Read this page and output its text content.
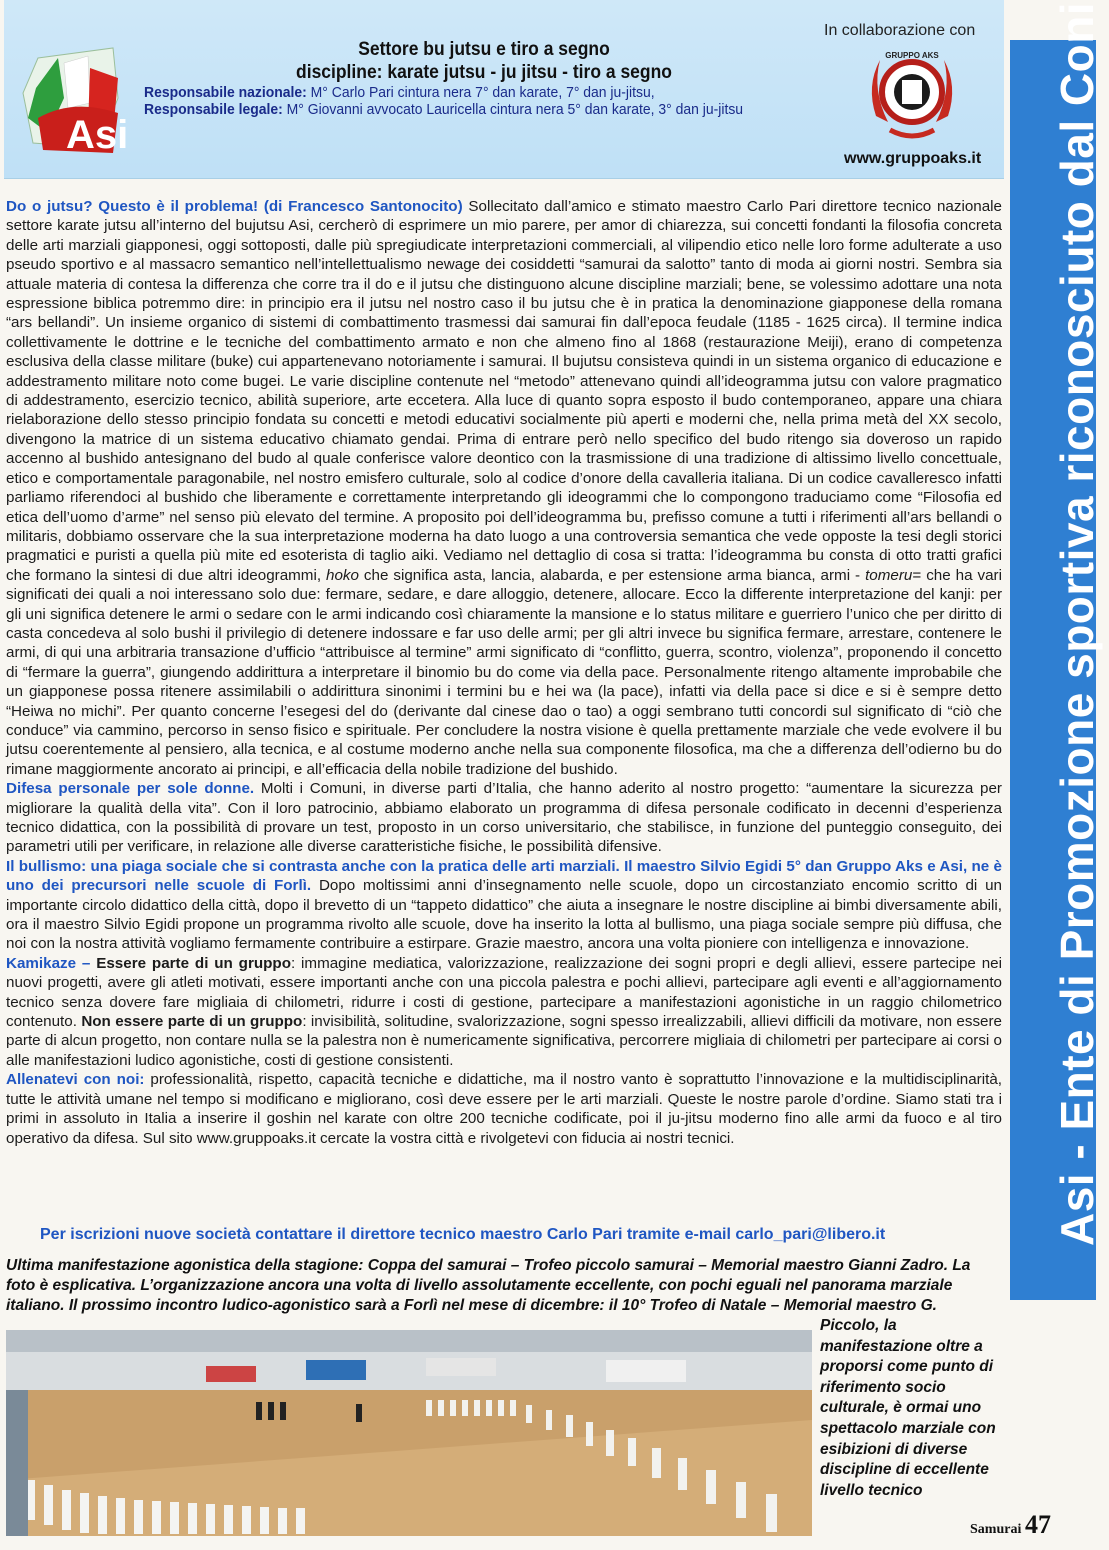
Asi
Settore bu jutsu e tiro a segno
discipline: karate jutsu - ju jitsu - tiro a segno
Responsabile nazionale: M° Carlo Pari cintura nera 7° dan karate, 7° dan ju-jitsu,
Responsabile legale: M° Giovanni avvocato Lauricella cintura nera 5° dan karate, 3° dan ju-jitsu
In collaborazione con
GRUPPO AKS
www.gruppoaks.it Asi - Ente di Promozione sportiva riconosciuto dal Coni

Do o jutsu? Questo è il problema! (di Francesco Santonocito) Sollecitato dall’amico e stimato maestro Carlo Pari direttore tecnico nazionale settore karate jutsu all’interno del bujutsu Asi, cercherò di esprimere un mio parere, per amor di chiarezza, sui concetti fondanti la filosofia concreta delle arti marziali giapponesi, oggi sottoposti, dalle più spregiudicate interpretazioni commerciali, al vilipendio etico nelle loro forme adulterate a uso pseudo sportivo e al massacro semantico nell’intellettualismo newage dei cosiddetti “samurai da salotto” tanto di moda ai giorni nostri. Sembra sia attuale materia di contesa la differenza che corre tra il do e il jutsu che distinguono alcune discipline marziali; bene, se volessimo adottare una nota espressione biblica potremmo dire: in principio era il jutsu nel nostro caso il bu jutsu che è in pratica la denominazione giapponese della romana “ars bellandi”. Un insieme organico di sistemi di combattimento trasmessi dai samurai fin dall’epoca feudale (1185 - 1625 circa). Il termine indica collettivamente le dottrine e le tecniche del combattimento armato e non che almeno fino al 1868 (restaurazione Meiji), erano di competenza esclusiva della classe militare (buke) cui appartenevano notoriamente i samurai. Il bujutsu consisteva quindi in un sistema organico di educazione e addestramento militare noto come bugei. Le varie discipline contenute nel “metodo” attenevano quindi all’ideogramma jutsu con valore pragmatico di addestramento, esercizio tecnico, abilità superiore, arte eccetera. Alla luce di quanto sopra esposto il budo contemporaneo, appare una chiara rielaborazione dello stesso principio fondata su concetti e metodi educativi socialmente più aperti e moderni che, nella prima metà del XX secolo, divengono la matrice di un sistema educativo chiamato gendai. Prima di entrare però nello specifico del budo ritengo sia doveroso un rapido accenno al bushido antesignano del budo al quale conferisce valore deontico con la trasmissione di una tradizione di altissimo livello concettuale, etico e comportamentale paragonabile, nel nostro emisfero culturale, solo al codice d’onore della cavalleria italiana. Di un codice cavalleresco infatti parliamo riferendoci al bushido che liberamente e correttamente interpretando gli ideogrammi che lo compongono traduciamo come “Filosofia ed etica dell’uomo d’arme” nel senso più elevato del termine. A proposito poi dell’ideogramma bu, prefisso comune a tutti i riferimenti all’ars bellandi o militaris, dobbiamo osservare che la sua interpretazione moderna ha dato luogo a una controversia semantica che vede opposte la tesi degli storici pragmatici e puristi a quella più mite ed esoterista di taglio aiki. Vediamo nel dettaglio di cosa si tratta: l’ideogramma bu consta di otto tratti grafici che formano la sintesi di due altri ideogrammi, hoko che significa asta, lancia, alabarda, e per estensione arma bianca, armi - tomeru= che ha vari significati dei quali a noi interessano solo due: fermare, sedare, e dare alloggio, detenere, allocare. Ecco la differente interpretazione del kanji: per gli uni significa detenere le armi o sedare con le armi indicando così chiaramente la mansione e lo status militare e guerriero l’unico che per diritto di casta concedeva al solo bushi il privilegio di detenere indossare e far uso delle armi; per gli altri invece bu significa fermare, arrestare, contenere le armi, di qui una arbitraria transazione d’ufficio “attribuisce al termine” armi significato di “conflitto, guerra, scontro, violenza”, proponendo il concetto di “fermare la guerra”, giungendo addirittura a interpretare il binomio bu do come via della pace. Personalmente ritengo altamente improbabile che un giapponese possa ritenere assimilabili o addirittura sinonimi i termini bu e hei wa (la pace), infatti via della pace si dice e si è sempre detto “Heiwa no michi”. Per quanto concerne l’esegesi del do (derivante dal cinese dao o tao) a oggi sembrano tutti concordi sul significato di “ciò che conduce” via cammino, percorso in senso fisico e spirituale. Per concludere la nostra visione è quella prettamente marziale che vede evolvere il bu jutsu coerentemente al pensiero, alla tecnica, e al costume moderno anche nella sua componente filosofica, ma che a differenza dell’odierno bu do rimane maggiormente ancorato ai principi, e all’efficacia della nobile tradizione del bushido.

Difesa personale per sole donne. Molti i Comuni, in diverse parti d’Italia, che hanno aderito al nostro progetto: “aumentare la sicurezza per migliorare la qualità della vita”. Con il loro patrocinio, abbiamo elaborato un programma di difesa personale codificato in decenni d’esperienza tecnico didattica, con la possibilità di provare un test, proposto in un corso universitario, che stabilisce, in funzione del punteggio conseguito, dei parametri utili per verificare, in relazione alle diverse caratteristiche fisiche, le possibilità difensive.

Il bullismo: una piaga sociale che si contrasta anche con la pratica delle arti marziali. Il maestro Silvio Egidi 5° dan Gruppo Aks e Asi, ne è uno dei precursori nelle scuole di Forlì. Dopo moltissimi anni d’insegnamento nelle scuole, dopo un circostanziato encomio scritto di un importante circolo didattico della città, dopo il brevetto di un “tappeto didattico” che aiuta a insegnare le nostre discipline ai bimbi diversamente abili, ora il maestro Silvio Egidi propone un programma rivolto alle scuole, dove ha inserito la lotta al bullismo, una piaga sociale sempre più diffusa, che noi con la nostra attività vogliamo fermamente contribuire a estirpare. Grazie maestro, ancora una volta pioniere con intelligenza e innovazione.

Kamikaze – Essere parte di un gruppo: immagine mediatica, valorizzazione, realizzazione dei sogni propri e degli allievi, essere partecipe nei nuovi progetti, avere gli atleti motivati, essere importanti anche con una piccola palestra e pochi allievi, partecipare agli eventi e all’aggiornamento tecnico senza dovere fare migliaia di chilometri, ridurre i costi di gestione, partecipare a manifestazioni agonistiche in un raggio chilometrico contenuto. Non essere parte di un gruppo: invisibilità, solitudine, svalorizzazione, sogni spesso irrealizzabili, allievi difficili da motivare, non essere parte di alcun progetto, non contare nulla se la palestra non è numericamente significativa, percorrere migliaia di chilometri per partecipare ai corsi o alle manifestazioni ludico agonistiche, costi di gestione consistenti.

Allenatevi con noi: professionalità, rispetto, capacità tecniche e didattiche, ma il nostro vanto è soprattutto l’innovazione e la multidisciplinarità, tutte le attività umane nel tempo si modificano e migliorano, così deve essere per le arti marziali. Queste le nostre parole d’ordine. Siamo stati tra i primi in assoluto in Italia a inserire il goshin nel karate con oltre 200 tecniche codificate, poi il ju-jitsu moderno fino alle armi da fuoco e al tiro operativo da difesa. Sul sito www.gruppoaks.it cercate la vostra città e rivolgetevi con fiducia ai nostri tecnici.

Per iscrizioni nuove società contattare il direttore tecnico maestro Carlo Pari tramite e-mail carlo_pari@libero.it
Ultima manifestazione agonistica della stagione: Coppa del samurai – Trofeo piccolo samurai – Memorial maestro Gianni Zadro. La foto è esplicativa. L’organizzazione ancora una volta di livello assolutamente eccellente, con pochi eguali nel panorama marziale italiano. Il prossimo incontro ludico-agonistico sarà a Forlì nel mese di dicembre: il 10° Trofeo di Natale – Memorial maestro G.
Piccolo, la manifestazione oltre a proporsi come punto di riferimento socio culturale, è ormai uno spettacolo marziale con esibizioni di diverse discipline di eccellente livello tecnico
Samurai 47
